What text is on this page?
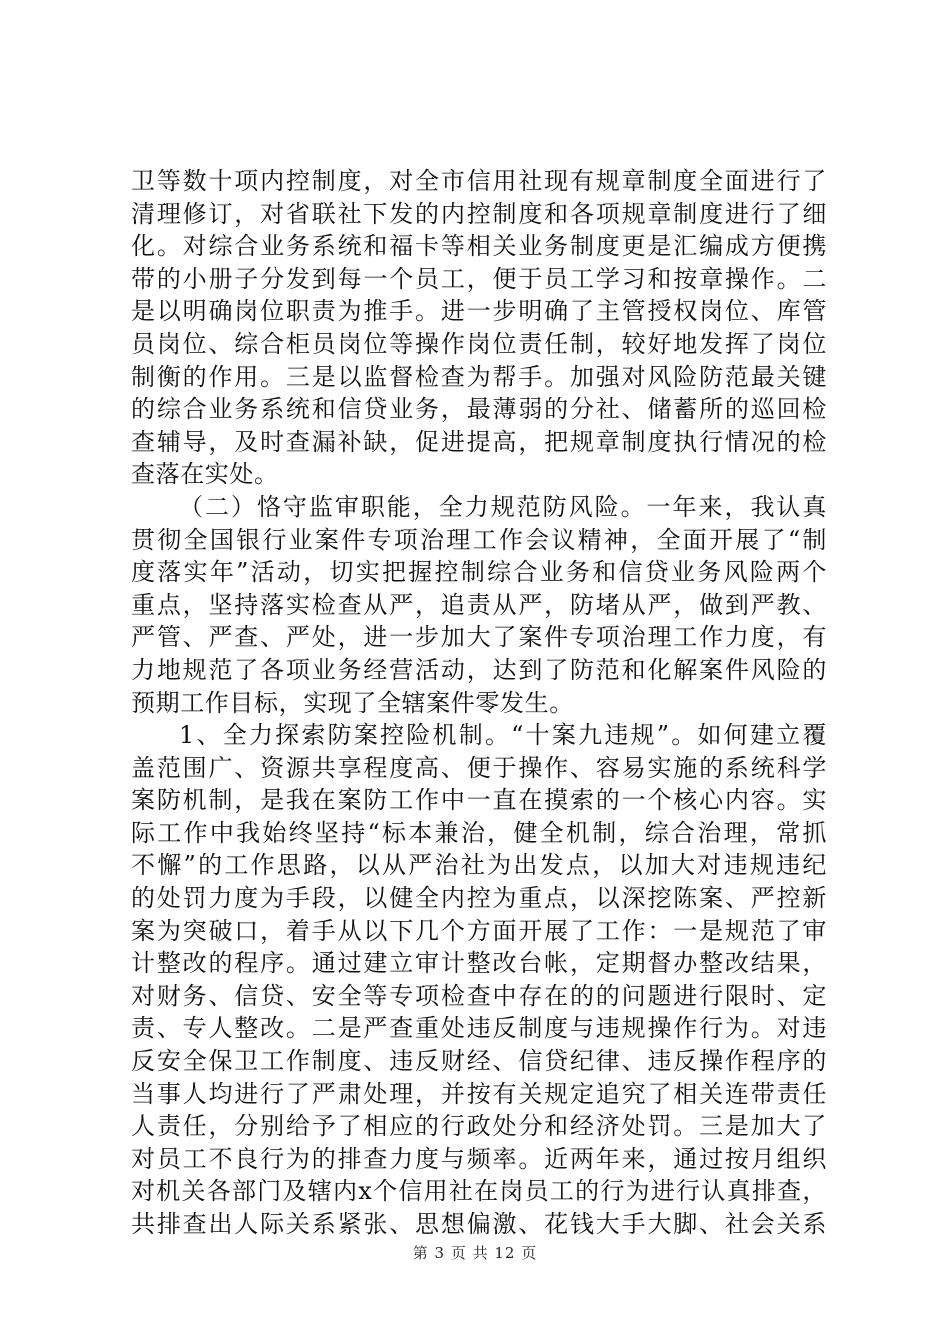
卫等数十项内控制度，对全市信用社现有规章制度全面进行了
清理修订，对省联社下发的内控制度和各项规章制度进行了细
化。对综合业务系统和福卡等相关业务制度更是汇编成方便携
带的小册子分发到每一个员工，便于员工学习和按章操作。二
是以明确岗位职责为推手。进一步明确了主管授权岗位、库管
员岗位、综合柜员岗位等操作岗位责任制，较好地发挥了岗位
制衡的作用。三是以监督检查为帮手。加强对风险防范最关键
的综合业务系统和信贷业务，最薄弱的分社、储蓄所的巡回检
查辅导，及时查漏补缺，促进提高，把规章制度执行情况的检
查落在实处。
（二）恪守监审职能，全力规范防风险。一年来，我认真
贯彻全国银行业案件专项治理工作会议精神，全面开展了“制
度落实年”活动，切实把握控制综合业务和信贷业务风险两个
重点，坚持落实检查从严，追责从严，防堵从严，做到严教、
严管、严查、严处，进一步加大了案件专项治理工作力度，有
力地规范了各项业务经营活动，达到了防范和化解案件风险的
预期工作目标，实现了全辖案件零发生。
1、全力探索防案控险机制。“十案九违规”。如何建立覆
盖范围广、资源共享程度高、便于操作、容易实施的系统科学
案防机制，是我在案防工作中一直在摸索的一个核心内容。实
际工作中我始终坚持“标本兼治，健全机制，综合治理，常抓
不懈”的工作思路，以从严治社为出发点，以加大对违规违纪
的处罚力度为手段，以健全内控为重点，以深挖陈案、严控新
案为突破口，着手从以下几个方面开展了工作：一是规范了审
计整改的程序。通过建立审计整改台帐，定期督办整改结果，
对财务、信贷、安全等专项检查中存在的的问题进行限时、定
责、专人整改。二是严查重处违反制度与违规操作行为。对违
反安全保卫工作制度、违反财经、信贷纪律、违反操作程序的
当事人均进行了严肃处理，并按有关规定追究了相关连带责任
人责任，分别给予了相应的行政处分和经济处罚。三是加大了
对员工不良行为的排查力度与频率。近两年来，通过按月组织
对机关各部门及辖内x个信用社在岗员工的行为进行认真排查，
共排查出人际关系紧张、思想偏激、花钱大手大脚、社会关系
第 3 页 共 12 页
